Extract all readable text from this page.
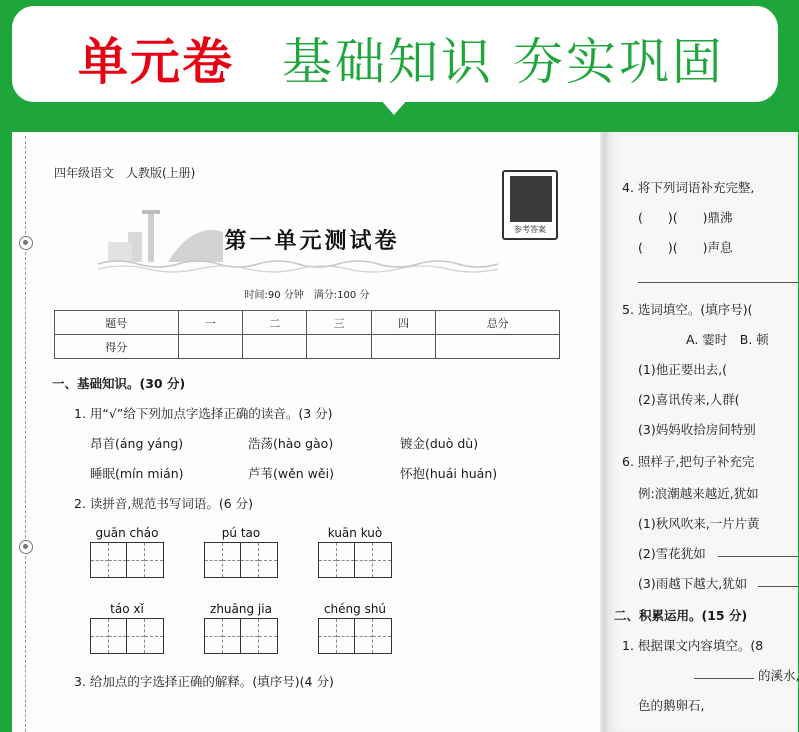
单元卷 基础知识 夯实巩固
四年级语文　人教版(上册)
参考答案
第一单元测试卷
时间:90 分钟　满分:100 分
题号	一	二	三	四	总分
得分					
一、基础知识。(30 分)
1. 用“√”给下列加点字选择正确的读音。(3 分)
昂首(áng yáng)	浩荡(hào gào)	镀金(duò dù)
睡眠(mín mián)	芦苇(wěn wěi)	怀抱(huái huán)
2. 读拼音,规范书写词语。(6 分)
guān cháo	pú tao	kuān kuò
táo xǐ	zhuāng jia	chéng shú
3. 给加点的字选择正确的解释。(填序号)(4 分)
4. 将下列词语补充完整,
(　　)(　　)鼎沸
(　　)(　　)声息
5. 选词填空。(填序号)(
A. 霎时　B. 顿
(1)他正要出去,(
(2)喜讯传来,人群(
(3)妈妈收拾房间特别
6. 照样子,把句子补充完
例:浪潮越来越近,犹如
(1)秋风吹来,一片片黄
(2)雪花犹如
(3)雨越下越大,犹如
二、积累运用。(15 分)
1. 根据课文内容填空。(8
的溪水,
色的鹅卵石,
